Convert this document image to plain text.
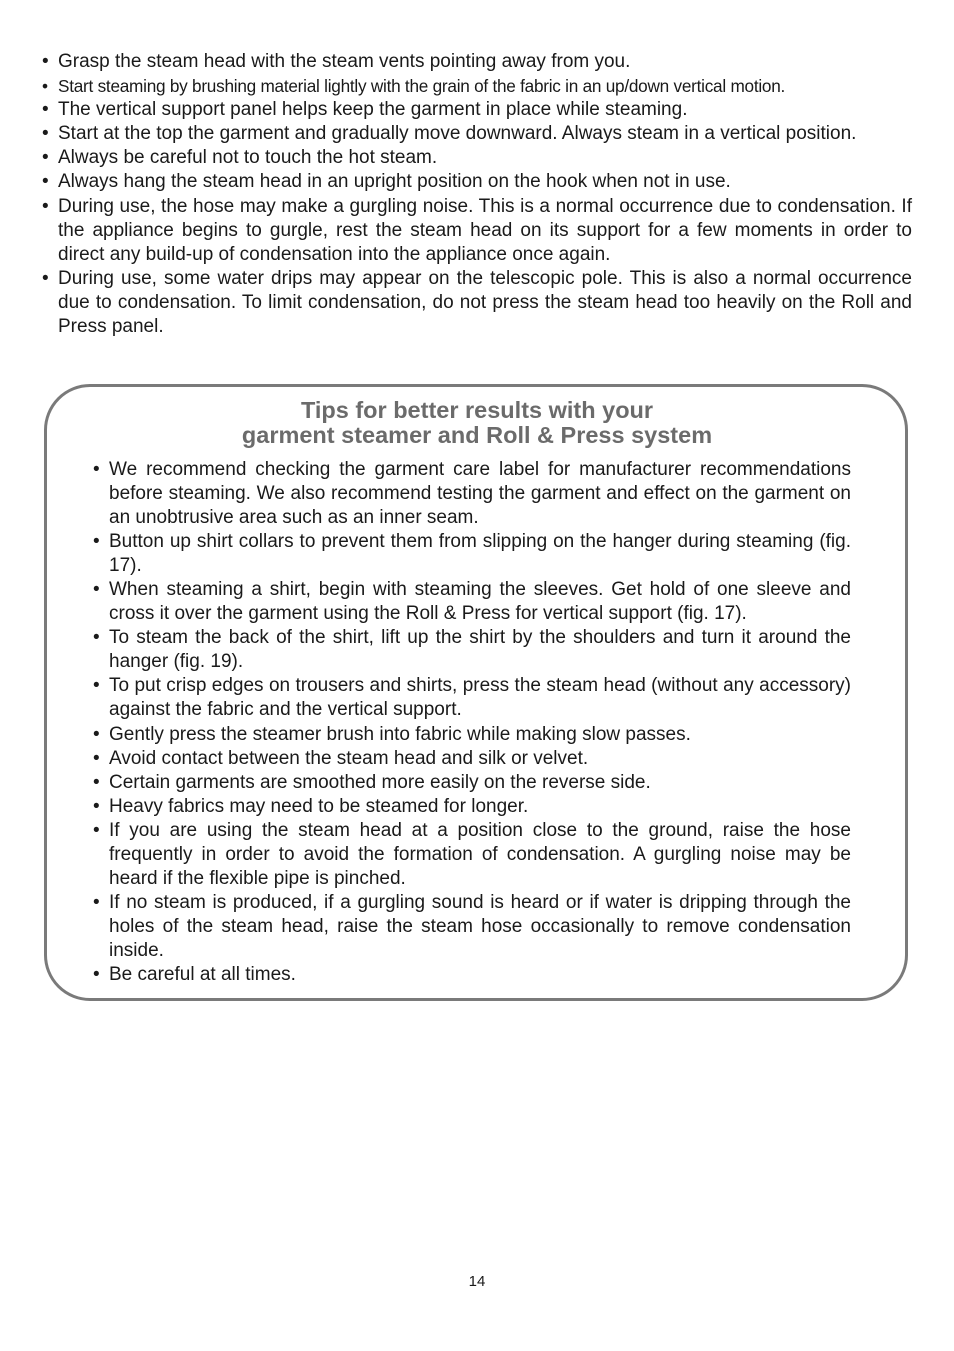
• Grasp the steam head with the steam vents pointing away from you.
• Start steaming by brushing material lightly with the grain of the fabric in an up/down vertical motion.
• The vertical support panel helps keep the garment in place while steaming.
• Start at the top the garment and gradually move downward. Always steam in a vertical position.
• Always be careful not to touch the hot steam.
• Always hang the steam head in an upright position on the hook when not in use.
• During use, the hose may make a gurgling noise. This is a normal occurrence due to condensation. If the appliance begins to gurgle, rest the steam head on its support for a few moments in order to direct any build-up of condensation into the appliance once again.
• During use, some water drips may appear on the telescopic pole. This is also a normal occurrence due to condensation. To limit condensation, do not press the steam head too heavily on the Roll and Press panel.
Tips for better results with your
garment steamer and Roll & Press system
• We recommend checking the garment care label for manufacturer recommendations before steaming. We also recommend testing the garment and effect on the garment on an unobtrusive area such as an inner seam.
• Button up shirt collars to prevent them from slipping on the hanger during steaming (fig. 17).
• When steaming a shirt, begin with steaming the sleeves. Get hold of one sleeve and cross it over the garment using the Roll & Press for vertical support (fig. 17).
• To steam the back of the shirt, lift up the shirt by the shoulders and turn it around the hanger (fig. 19).
• To put crisp edges on trousers and shirts, press the steam head (without any accessory) against the fabric and the vertical support.
• Gently press the steamer brush into fabric while making slow passes.
• Avoid contact between the steam head and silk or velvet.
• Certain garments are smoothed more easily on the reverse side.
• Heavy fabrics may need to be steamed for longer.
• If you are using the steam head at a position close to the ground, raise the hose frequently in order to avoid the formation of condensation. A gurgling noise may be heard if the flexible pipe is pinched.
• If no steam is produced, if a gurgling sound is heard or if water is dripping through the holes of the steam head, raise the steam hose occasionally to remove condensation inside.
• Be careful at all times.
14
